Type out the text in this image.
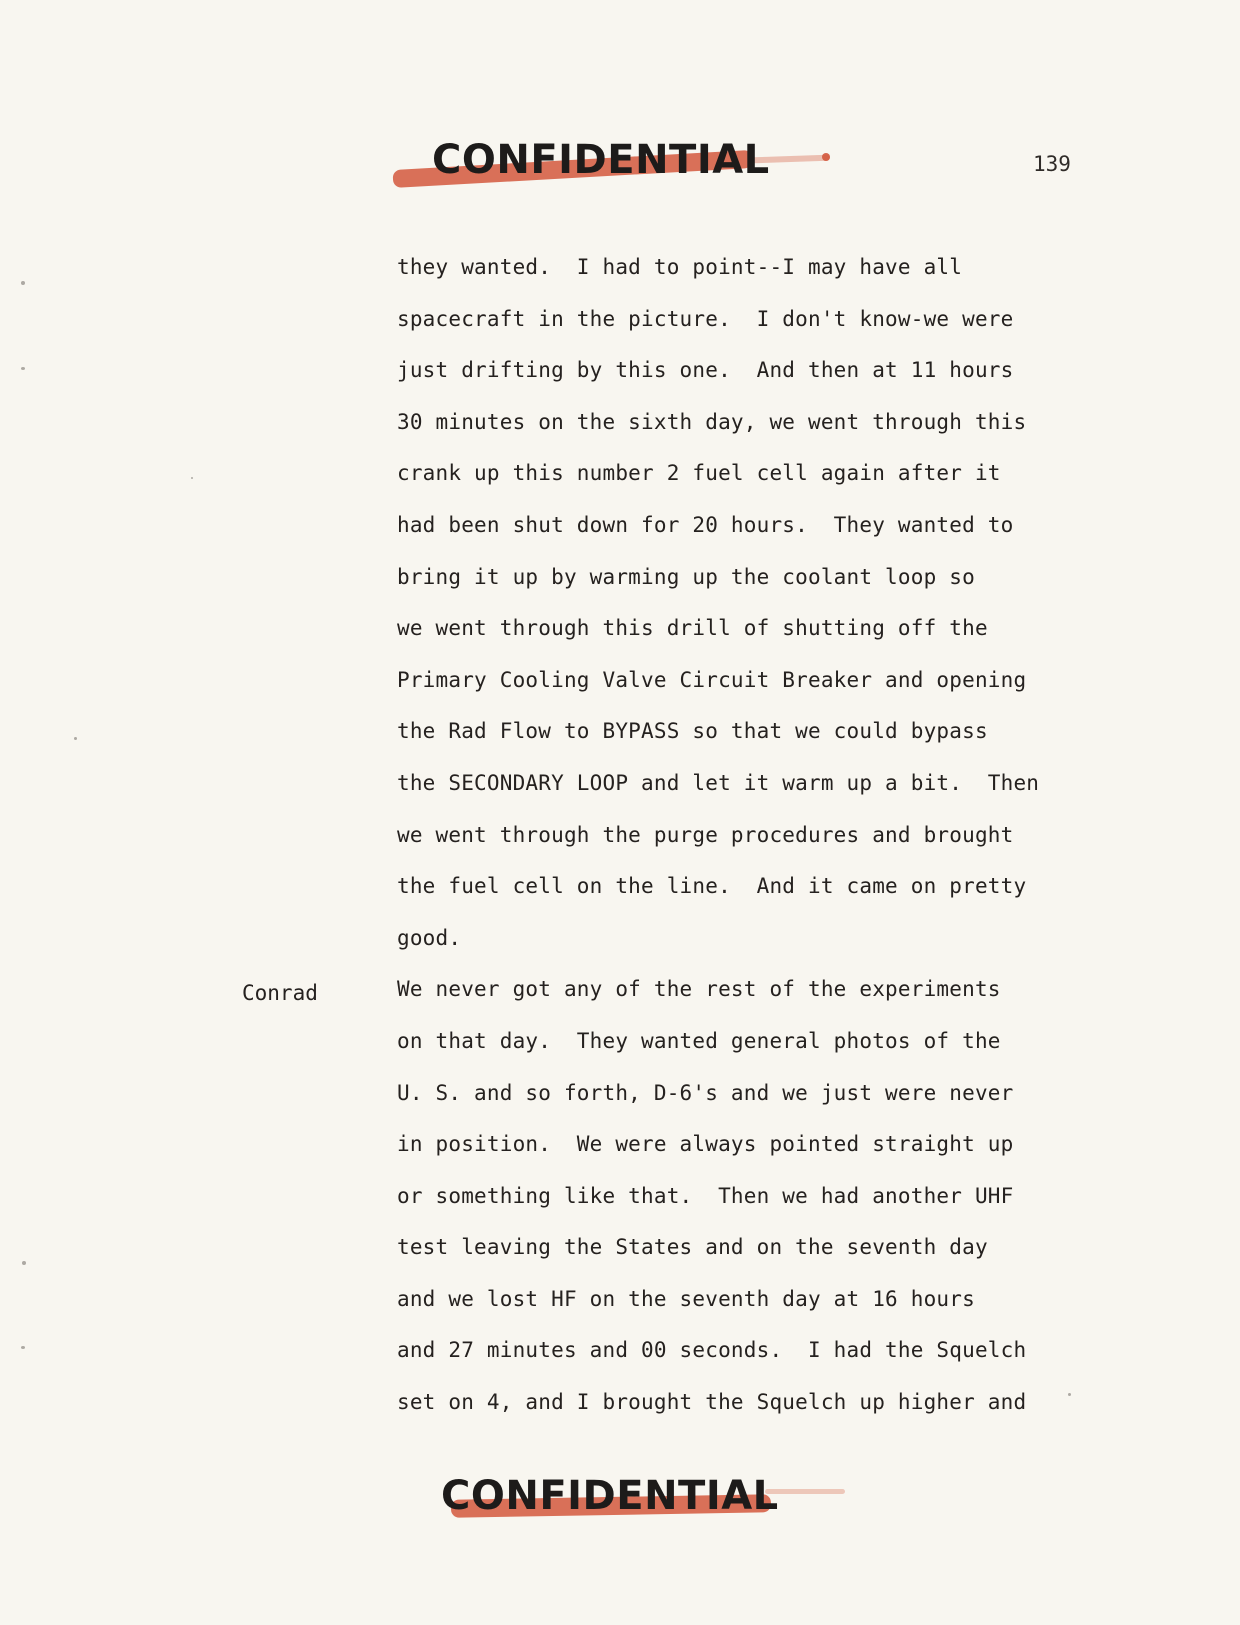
CONFIDENTIAL	139
they wanted.  I had to point--I may have all
spacecraft in the picture.  I don't know-we were
just drifting by this one.  And then at 11 hours
30 minutes on the sixth day, we went through this
crank up this number 2 fuel cell again after it
had been shut down for 20 hours.  They wanted to
bring it up by warming up the coolant loop so
we went through this drill of shutting off the
Primary Cooling Valve Circuit Breaker and opening
the Rad Flow to BYPASS so that we could bypass
the SECONDARY LOOP and let it warm up a bit.  Then
we went through the purge procedures and brought
the fuel cell on the line.  And it came on pretty
good.
We never got any of the rest of the experiments
on that day.  They wanted general photos of the
U. S. and so forth, D-6's and we just were never
in position.  We were always pointed straight up
or something like that.  Then we had another UHF
test leaving the States and on the seventh day
and we lost HF on the seventh day at 16 hours
and 27 minutes and 00 seconds.  I had the Squelch
set on 4, and I brought the Squelch up higher and
Conrad
CONFIDENTIAL
